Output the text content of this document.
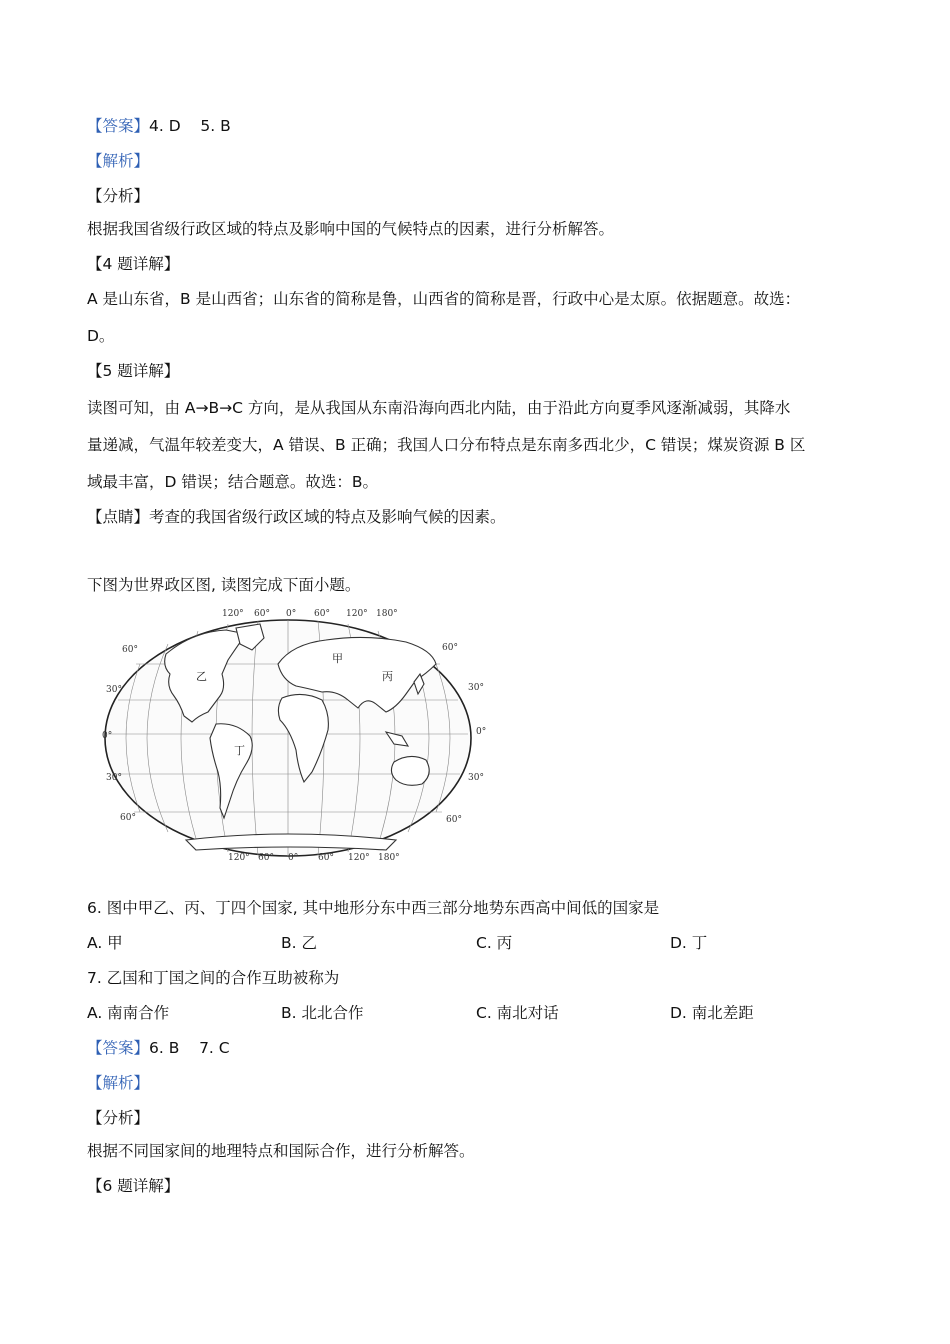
【答案】4. D    5. B
【解析】
【分析】
根据我国省级行政区域的特点及影响中国的气候特点的因素，进行分析解答。
【4 题详解】
A 是山东省，B 是山西省；山东省的简称是鲁，山西省的简称是晋，行政中心是太原。依据题意。故选：
D。
【5 题详解】
读图可知，由 A→B→C 方向，是从我国从东南沿海向西北内陆，由于沿此方向夏季风逐渐减弱，其降水
量递减，气温年较差变大，A 错误、B 正确；我国人口分布特点是东南多西北少，C 错误；煤炭资源 B 区
域最丰富，D 错误；结合题意。故选：B。
【点睛】考查的我国省级行政区域的特点及影响气候的因素。
下图为世界政区图, 读图完成下面小题。
甲
乙	丙
丁
120° 60° 0° 60° 120° 180°
120° 60° 0° 60° 120° 180°
60°
30°
0°
30°
60°
60°
30°
0°
30°
60°
6. 图中甲乙、丙、丁四个国家, 其中地形分东中西三部分地势东西高中间低的国家是
A. 甲	B. 乙	C. 丙	D. 丁
7. 乙国和丁国之间的合作互助被称为
A. 南南合作	B. 北北合作	C. 南北对话	D. 南北差距
【答案】6. B    7. C
【解析】
【分析】
根据不同国家间的地理特点和国际合作，进行分析解答。
【6 题详解】
